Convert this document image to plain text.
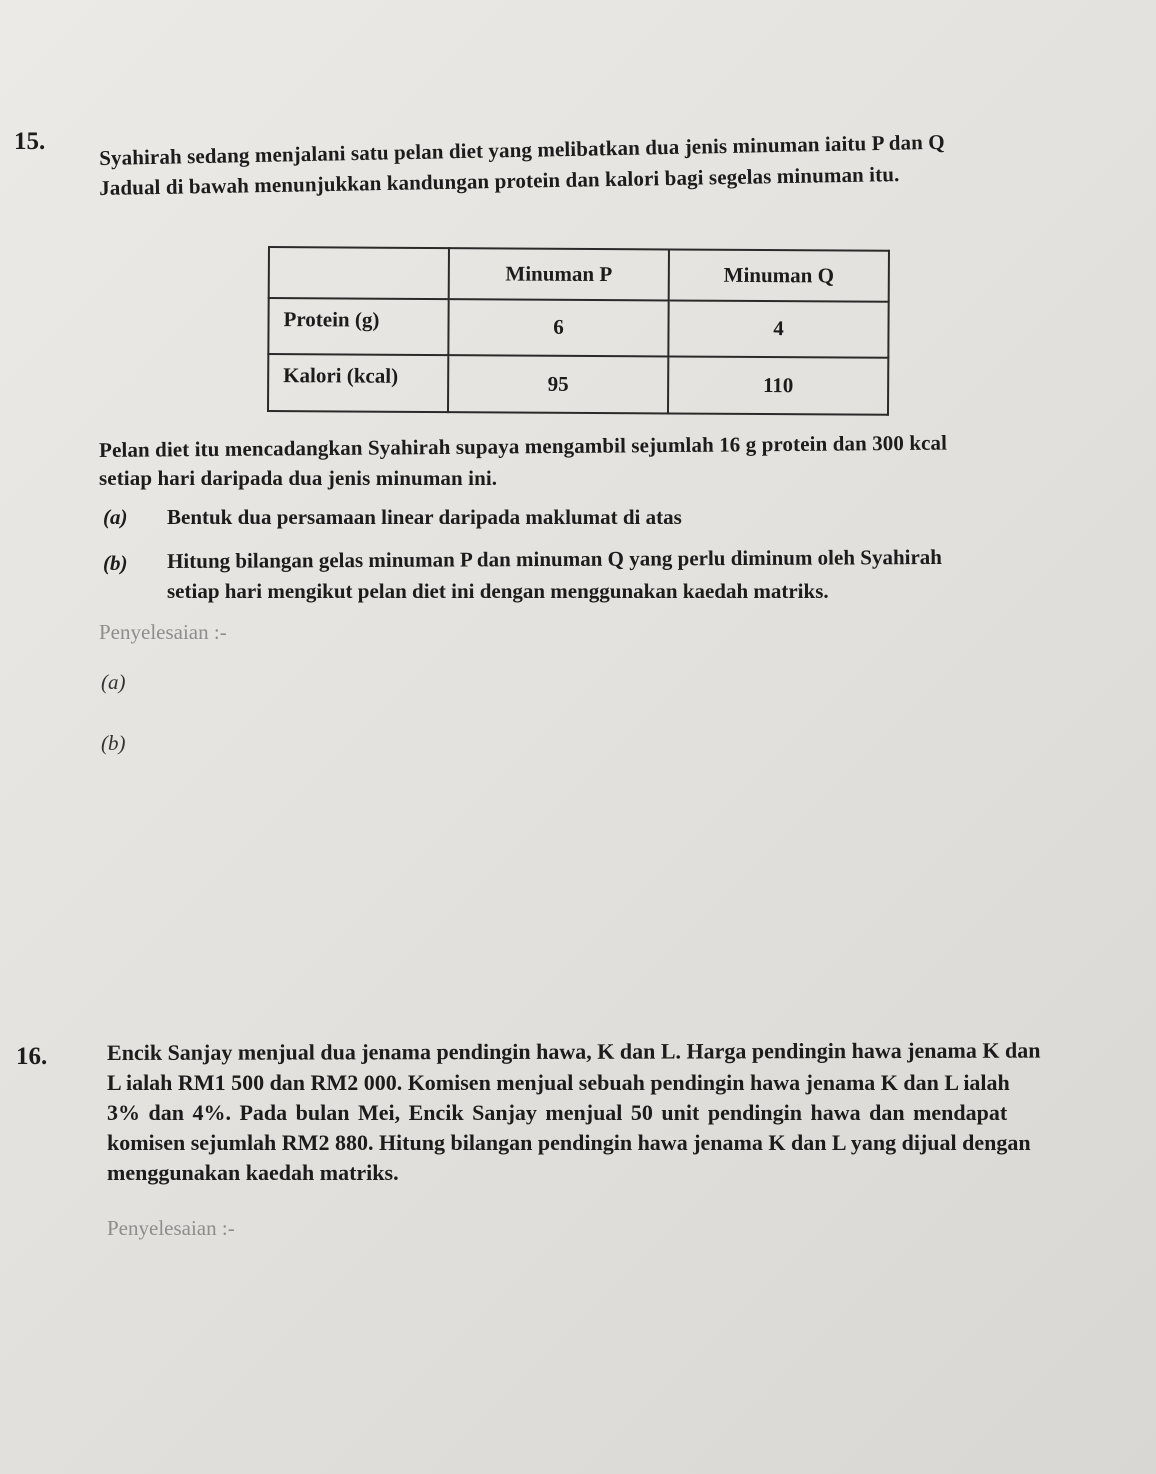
15.	Syahirah sedang menjalani satu pelan diet yang melibatkan dua jenis minuman iaitu P dan Q
Jadual di bawah menunjukkan kandungan protein dan kalori bagi segelas minuman itu.
	Minuman P	Minuman Q
Protein (g)	6	4
Kalori (kcal)	95	110
Pelan diet itu mencadangkan Syahirah supaya mengambil sejumlah 16 g protein dan 300 kcal
setiap hari daripada dua jenis minuman ini.
(a) Bentuk dua persamaan linear daripada maklumat di atas
(b) Hitung bilangan gelas minuman P dan minuman Q yang perlu diminum oleh Syahirah
setiap hari mengikut pelan diet ini dengan menggunakan kaedah matriks.
Penyelesaian :-
(a)
(b)
16.	Encik Sanjay menjual dua jenama pendingin hawa, K dan L. Harga pendingin hawa jenama K dan
L ialah RM1 500 dan RM2 000. Komisen menjual sebuah pendingin hawa jenama K dan L ialah
3% dan 4%. Pada bulan Mei, Encik Sanjay menjual 50 unit pendingin hawa dan mendapat
komisen sejumlah RM2 880. Hitung bilangan pendingin hawa jenama K dan L yang dijual dengan
menggunakan kaedah matriks.
Penyelesaian :-
